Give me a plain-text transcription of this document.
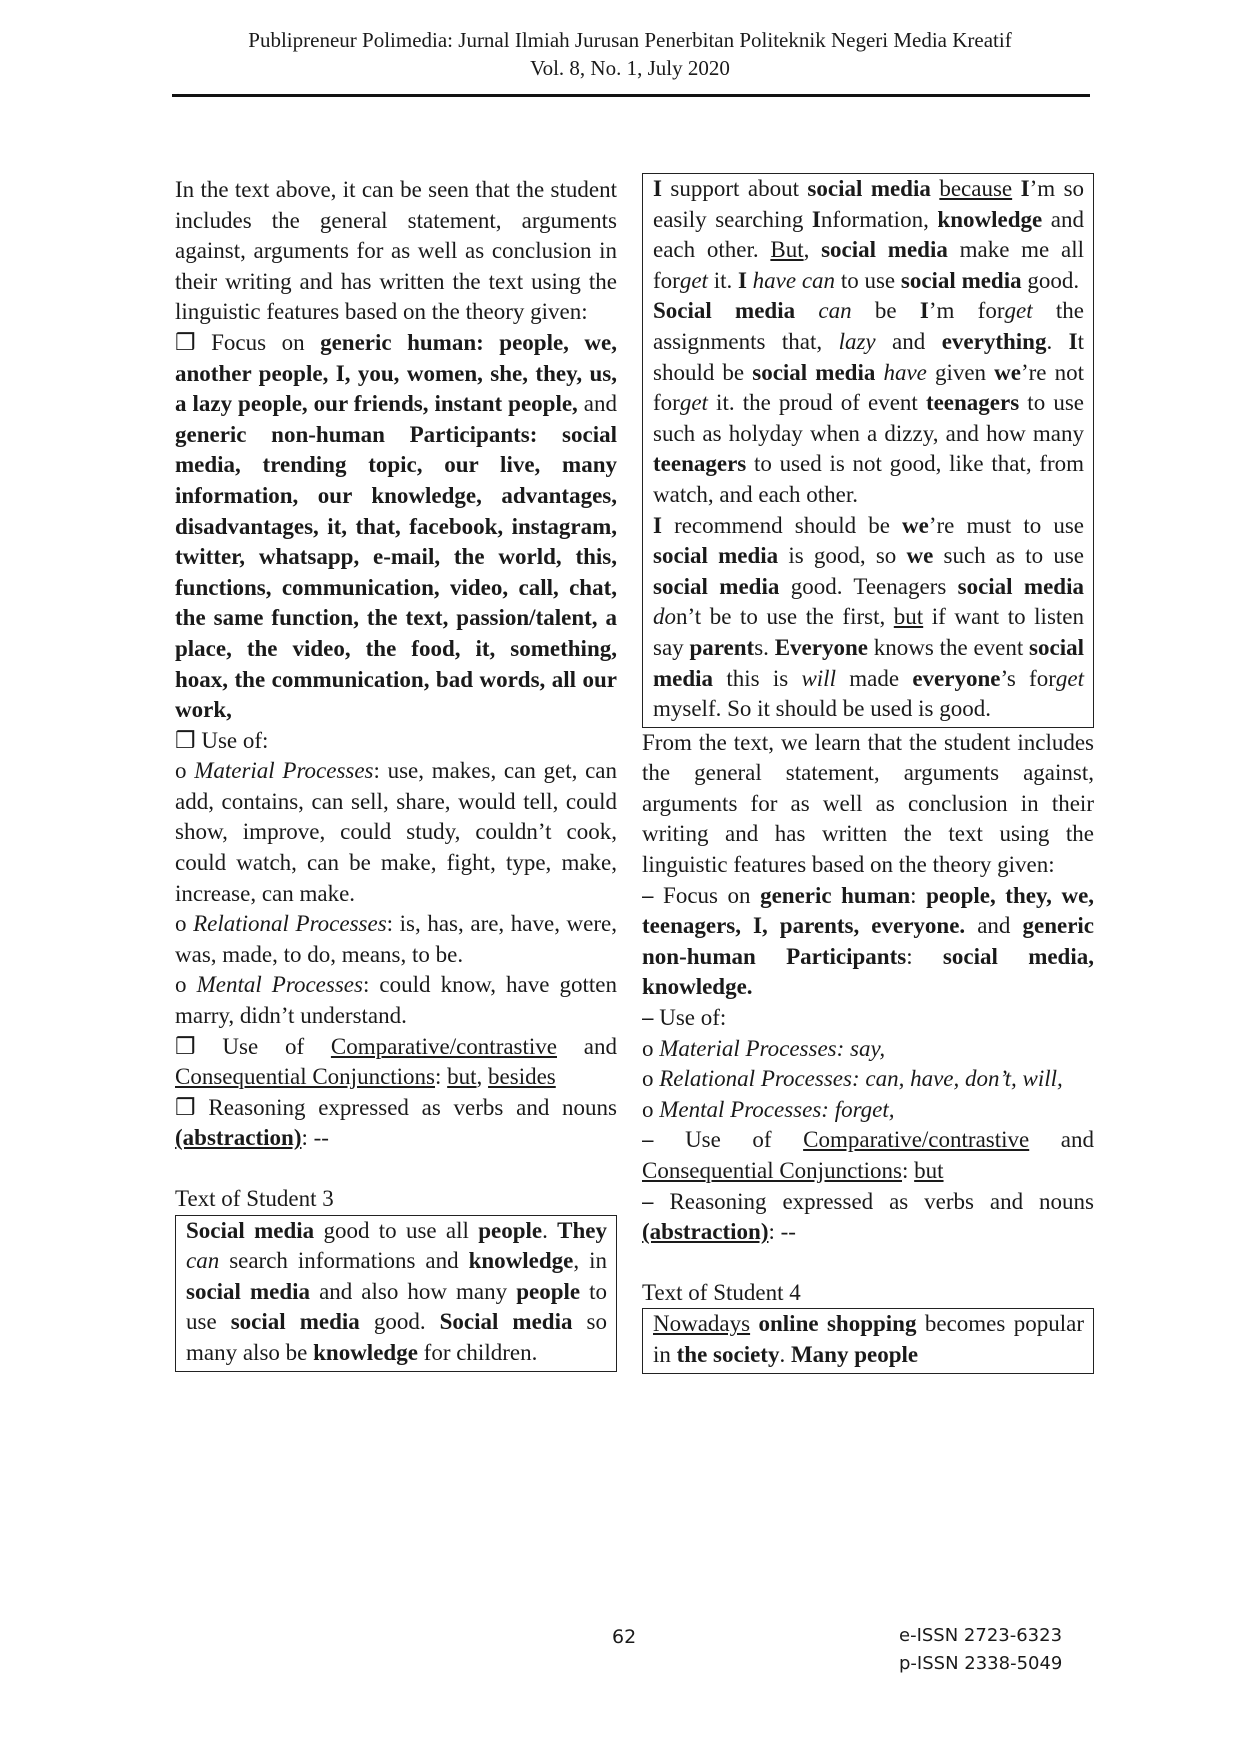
Publipreneur Polimedia: Jurnal Ilmiah Jurusan Penerbitan Politeknik Negeri Media Kreatif
Vol. 8, No. 1, July 2020

In the text above, it can be seen that the student includes the general statement, arguments against, arguments for as well as conclusion in their writing and has written the text using the linguistic features based on the theory given:

❒ Focus on generic human: people, we, another people, I, you, women, she, they, us, a lazy people, our friends, instant people, and generic non-human Participants: social media, trending topic, our live, many information, our knowledge, advantages, disadvantages, it, that, facebook, instagram, twitter, whatsapp, e-mail, the world, this, functions, communication, video, call, chat, the same function, the text, passion/talent, a place, the video, the food, it, something, hoax, the communication, bad words, all our work,

❒ Use of:

o Material Processes: use, makes, can get, can add, contains, can sell, share, would tell, could show, improve, could study, couldn’t cook, could watch, can be make, fight, type, make, increase, can make.

o Relational Processes: is, has, are, have, were, was, made, to do, means, to be.

o Mental Processes: could know, have gotten marry, didn’t understand.

❒ Use of Comparative/contrastive and Consequential Conjunctions: but, besides

❒ Reasoning expressed as verbs and nouns (abstraction): --

Text of Student 3

Social media good to use all people. They can search informations and knowledge, in social media and also how many people to use social media good. Social media so many also be knowledge for children.

I support about social media because I’m so easily searching Information, knowledge and each other. But, social media make me all forget it. I have can to use social media good.

Social media can be I’m forget the assignments that, lazy and everything. It should be social media have given we’re not forget it. the proud of event teenagers to use such as holyday when a dizzy, and how many teenagers to used is not good, like that, from watch, and each other.

I recommend should be we’re must to use social media is good, so we such as to use social media good. Teenagers social media don’t be to use the first, but if want to listen say parents. Everyone knows the event social media this is will made everyone’s forget myself. So it should be used is good.

From the text, we learn that the student includes the general statement, arguments against, arguments for as well as conclusion in their writing and has written the text using the linguistic features based on the theory given:

⎯ Focus on generic human: people, they, we, teenagers, I, parents, everyone. and generic non-human Participants: social media, knowledge.

⎯ Use of:

o Material Processes: say,

o Relational Processes: can, have, don’t, will,

o Mental Processes: forget,

⎯ Use of Comparative/contrastive and Consequential Conjunctions: but

⎯ Reasoning expressed as verbs and nouns (abstraction): --

Text of Student 4

Nowadays online shopping becomes popular in the society. Many people
62	e-ISSN 2723-6323
p-ISSN 2338-5049
